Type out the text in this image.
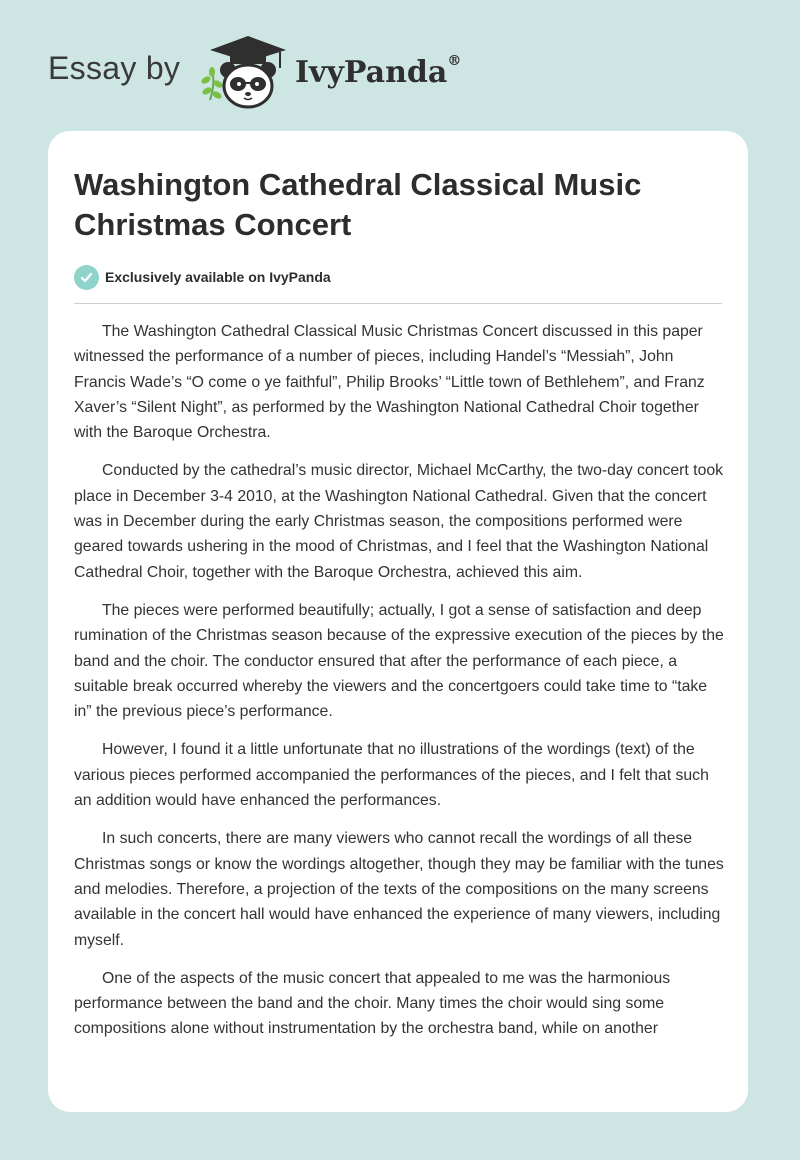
Essay by	IvyPanda®
Washington Cathedral Classical Music Christmas Concert
Exclusively available on IvyPanda

The Washington Cathedral Classical Music Christmas Concert discussed in this paper witnessed the performance of a number of pieces, including Handel’s “Messiah”, John Francis Wade’s “O come o ye faithful”, Philip Brooks’ “Little town of Bethlehem”, and Franz Xaver’s “Silent Night”, as performed by the Washington National Cathedral Choir together with the Baroque Orchestra.

Conducted by the cathedral’s music director, Michael McCarthy, the two-day concert took place in December 3-4 2010, at the Washington National Cathedral. Given that the concert was in December during the early Christmas season, the compositions performed were geared towards ushering in the mood of Christmas, and I feel that the Washington National Cathedral Choir, together with the Baroque Orchestra, achieved this aim.

The pieces were performed beautifully; actually, I got a sense of satisfaction and deep rumination of the Christmas season because of the expressive execution of the pieces by the band and the choir. The conductor ensured that after the performance of each piece, a suitable break occurred whereby the viewers and the concertgoers could take time to “take in” the previous piece’s performance.

However, I found it a little unfortunate that no illustrations of the wordings (text) of the various pieces performed accompanied the performances of the pieces, and I felt that such an addition would have enhanced the performances.

In such concerts, there are many viewers who cannot recall the wordings of all these Christmas songs or know the wordings altogether, though they may be familiar with the tunes and melodies. Therefore, a projection of the texts of the compositions on the many screens available in the concert hall would have enhanced the experience of many viewers, including myself.

One of the aspects of the music concert that appealed to me was the harmonious performance between the band and the choir. Many times the choir would sing some compositions alone without instrumentation by the orchestra band, while on another
